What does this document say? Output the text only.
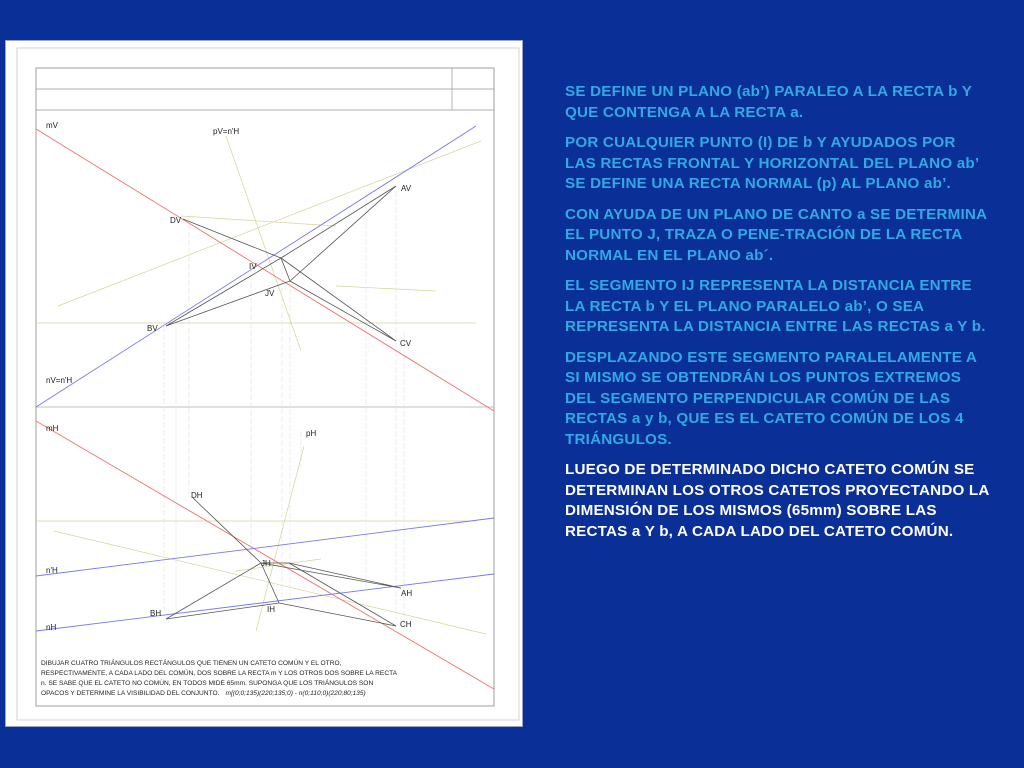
mV
pV=n'H
AV
DV
IV
JV
BV
CV
nV=n'H
mH
pH
DH
JH
AH
n'H
BH	IH
nH	CH
DIBUJAR CUATRO TRIÁNGULOS RECTÁNGULOS QUE TIENEN UN CATETO COMÚN Y EL OTRO,
RESPECTIVAMENTE, A CADA LADO DEL COMÚN, DOS SOBRE LA RECTA m Y LOS OTROS DOS SOBRE LA RECTA
n. SE SABE QUE EL CATETO NO COMÚN, EN TODOS MIDE 65mm. SUPONGA QUE LOS TRIÁNGULOS SON
OPACOS Y DETERMINE LA VISIBILIDAD DEL CONJUNTO. m[(0;0;135)(220;135;0) - n(0;110;0)(220;80;135)

SE DEFINE UN PLANO (ab’) PARALEO A LA RECTA b Y QUE CONTENGA A LA RECTA a.

POR CUALQUIER PUNTO (I) DE b Y AYUDADOS POR LAS RECTAS FRONTAL Y HORIZONTAL DEL PLANO ab’ SE DEFINE UNA RECTA NORMAL (p) AL PLANO ab’.

CON AYUDA DE UN PLANO DE CANTO a SE DETERMINA EL PUNTO J, TRAZA O PENE-TRACIÓN DE LA RECTA NORMAL EN EL PLANO ab´.

EL SEGMENTO IJ REPRESENTA LA DISTANCIA ENTRE LA RECTA b Y EL PLANO PARALELO ab’, O SEA REPRESENTA LA DISTANCIA ENTRE LAS RECTAS a Y b.

DESPLAZANDO ESTE SEGMENTO PARALELAMENTE A SI MISMO SE OBTENDRÁN LOS PUNTOS EXTREMOS DEL SEGMENTO PERPENDICULAR COMÚN DE LAS RECTAS a y b, QUE ES EL CATETO COMÚN DE LOS 4 TRIÁNGULOS.

LUEGO DE DETERMINADO DICHO CATETO COMÚN SE DETERMINAN LOS OTROS CATETOS PROYECTANDO LA DIMENSIÓN DE LOS MISMOS (65mm) SOBRE LAS RECTAS a Y b, A CADA LADO DEL CATETO COMÚN.
